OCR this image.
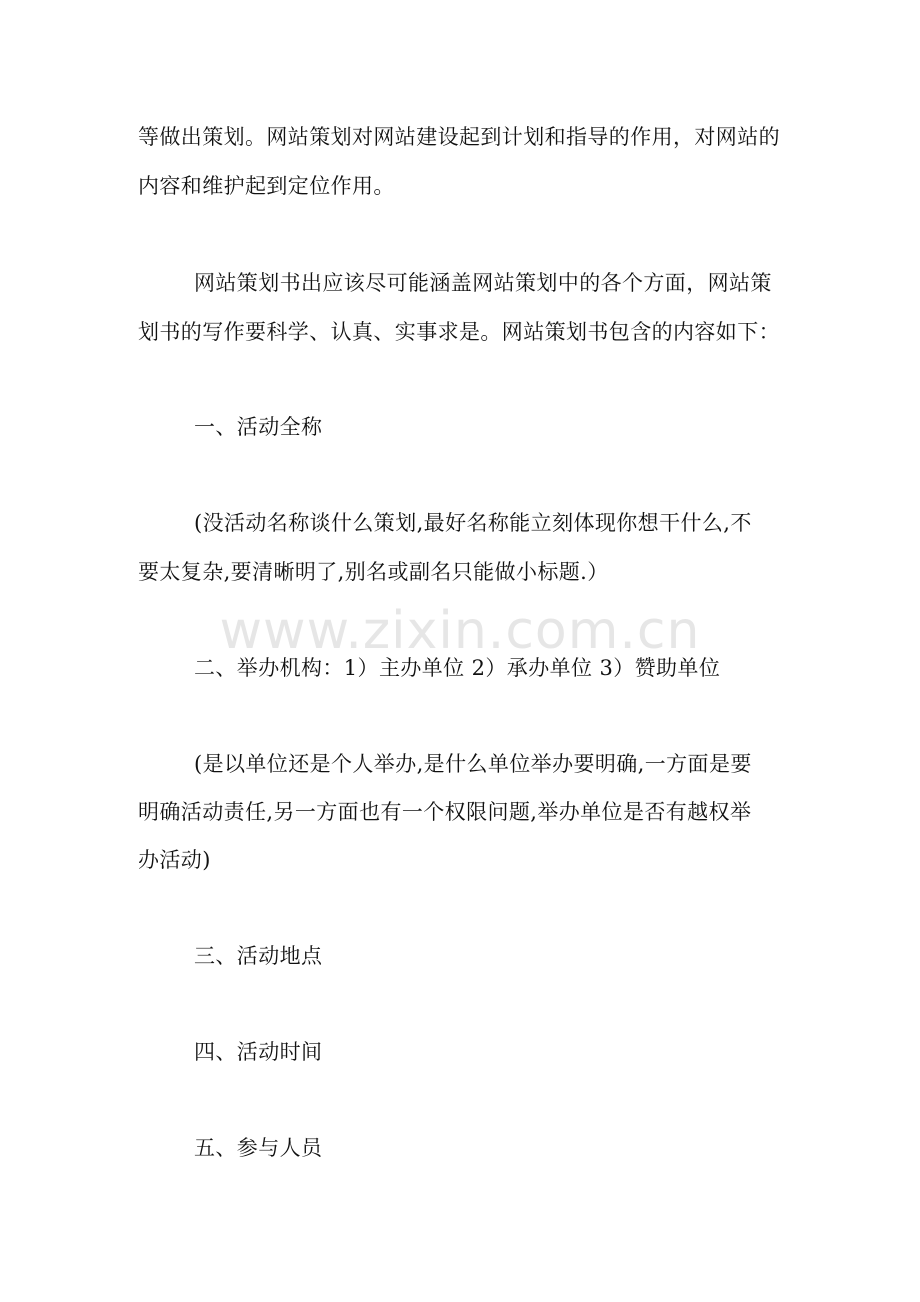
www.zixin.com.cn
等做出策划。网站策划对网站建设起到计划和指导的作用，对网站的
内容和维护起到定位作用。
网站策划书出应该尽可能涵盖网站策划中的各个方面，网站策
划书的写作要科学、认真、实事求是。网站策划书包含的内容如下：
一、活动全称
(没活动名称谈什么策划,最好名称能立刻体现你想干什么,不
要太复杂,要清晰明了,别名或副名只能做小标题.）
二、举办机构：1）主办单位 2）承办单位 3）赞助单位
(是以单位还是个人举办,是什么单位举办要明确,一方面是要
明确活动责任,另一方面也有一个权限问题,举办单位是否有越权举
办活动)
三、活动地点
四、活动时间
五、参与人员
